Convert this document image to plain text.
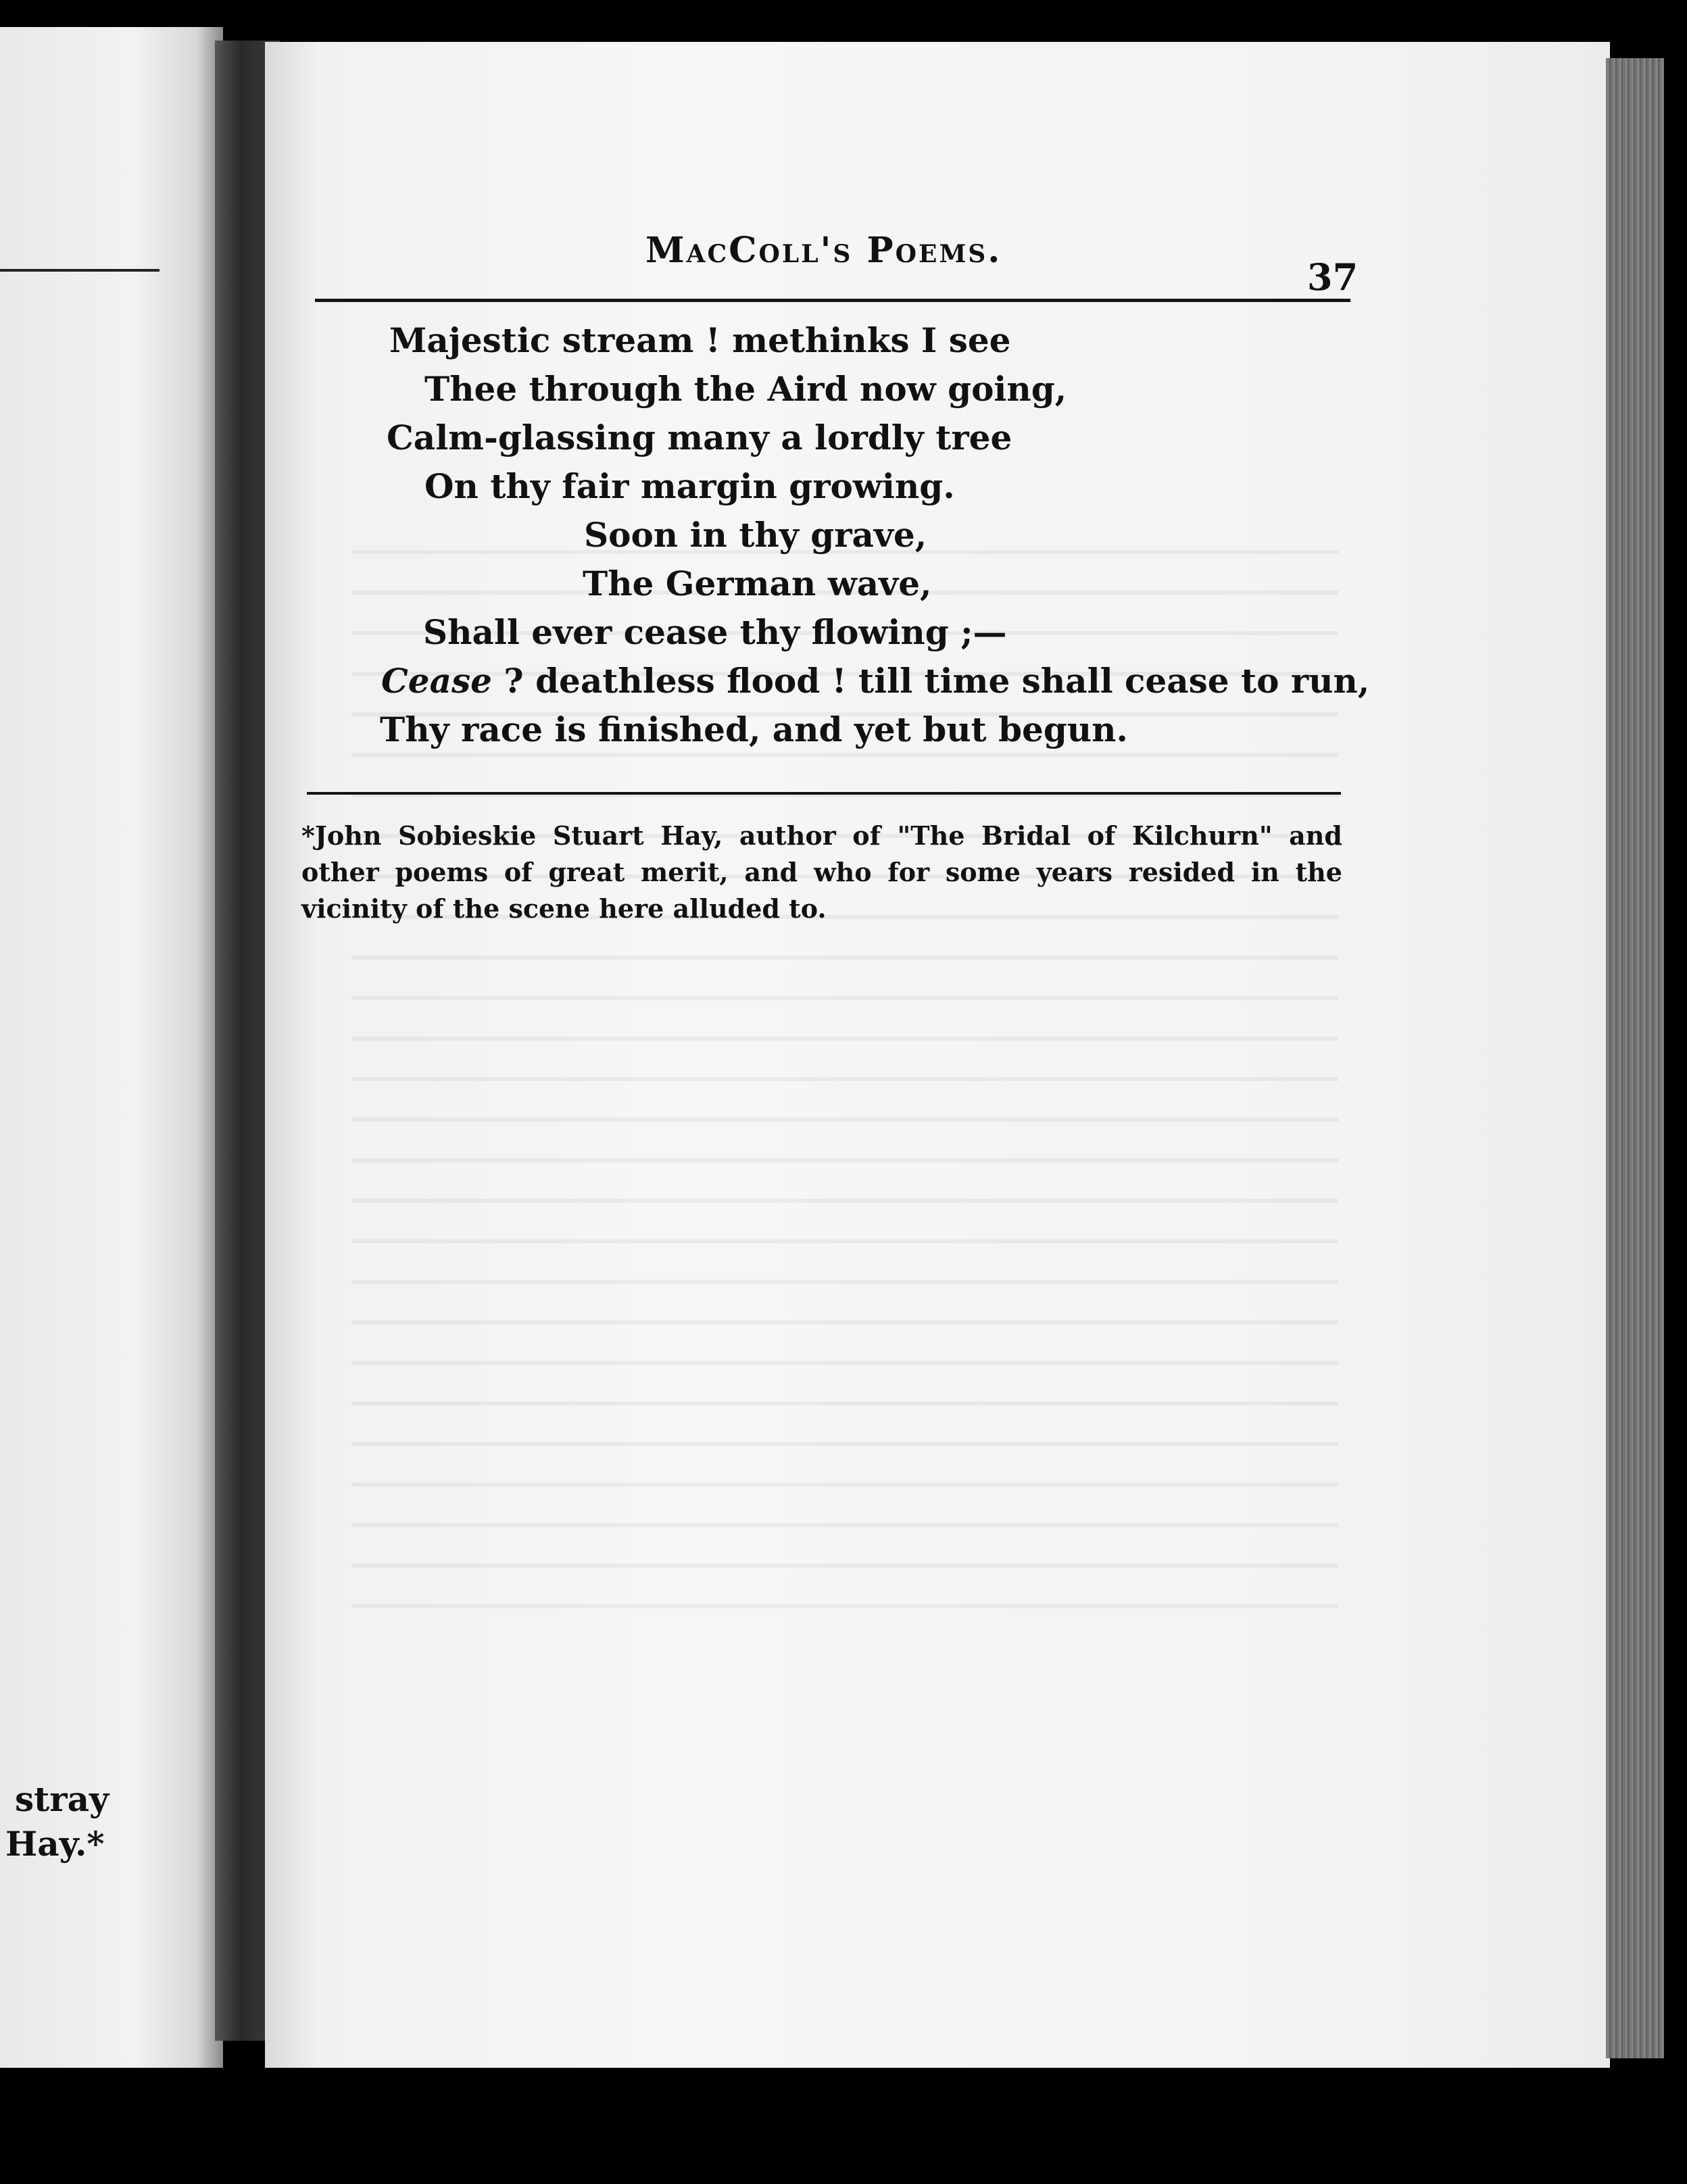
stray
Hay.*
MacColl's Poems.
37
Majestic stream ! methinks I see
Thee through the Aird now going,
Calm-glassing many a lordly tree
On thy fair margin growing.
Soon in thy grave,
The German wave,
Shall ever cease thy flowing ;—
Cease ? deathless flood ! till time shall cease to run,
Thy race is finished, and yet but begun.
*John Sobieskie Stuart Hay, author of "The Bridal of Kilchurn" and other poems of great merit, and who for some years resided in the vicinity of the scene here alluded to.
